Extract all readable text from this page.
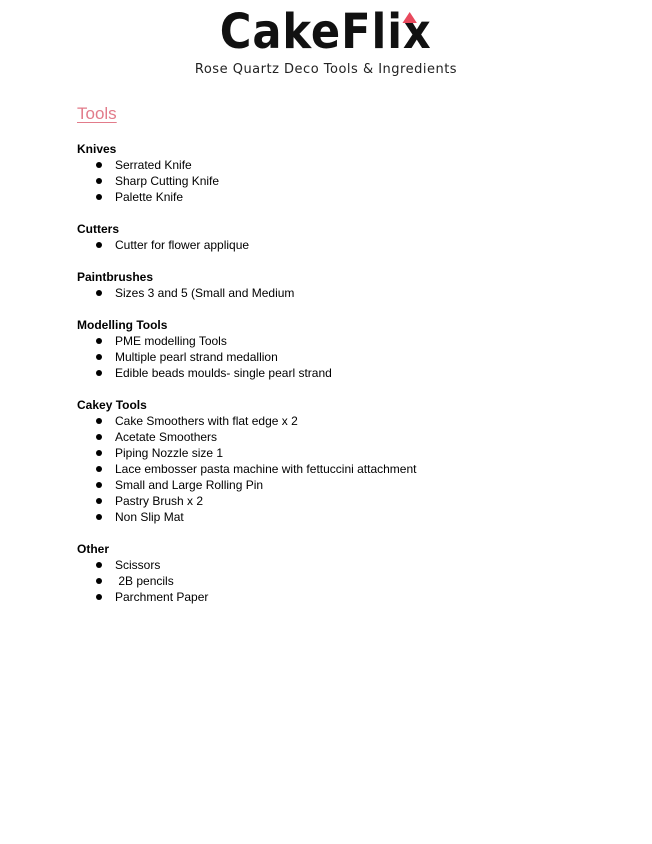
CakeFlix
Rose Quartz Deco Tools & Ingredients
Tools
Knives
Serrated Knife
Sharp Cutting Knife
Palette Knife
Cutters
Cutter for flower applique
Paintbrushes
Sizes 3 and 5 (Small and Medium
Modelling Tools
PME modelling Tools
Multiple pearl strand medallion
Edible beads moulds- single pearl strand
Cakey Tools
Cake Smoothers with flat edge x 2
Acetate Smoothers
Piping Nozzle size 1
Lace embosser pasta machine with fettuccini attachment
Small and Large Rolling Pin
Pastry Brush x 2
Non Slip Mat
Other
Scissors
2B pencils
Parchment Paper
